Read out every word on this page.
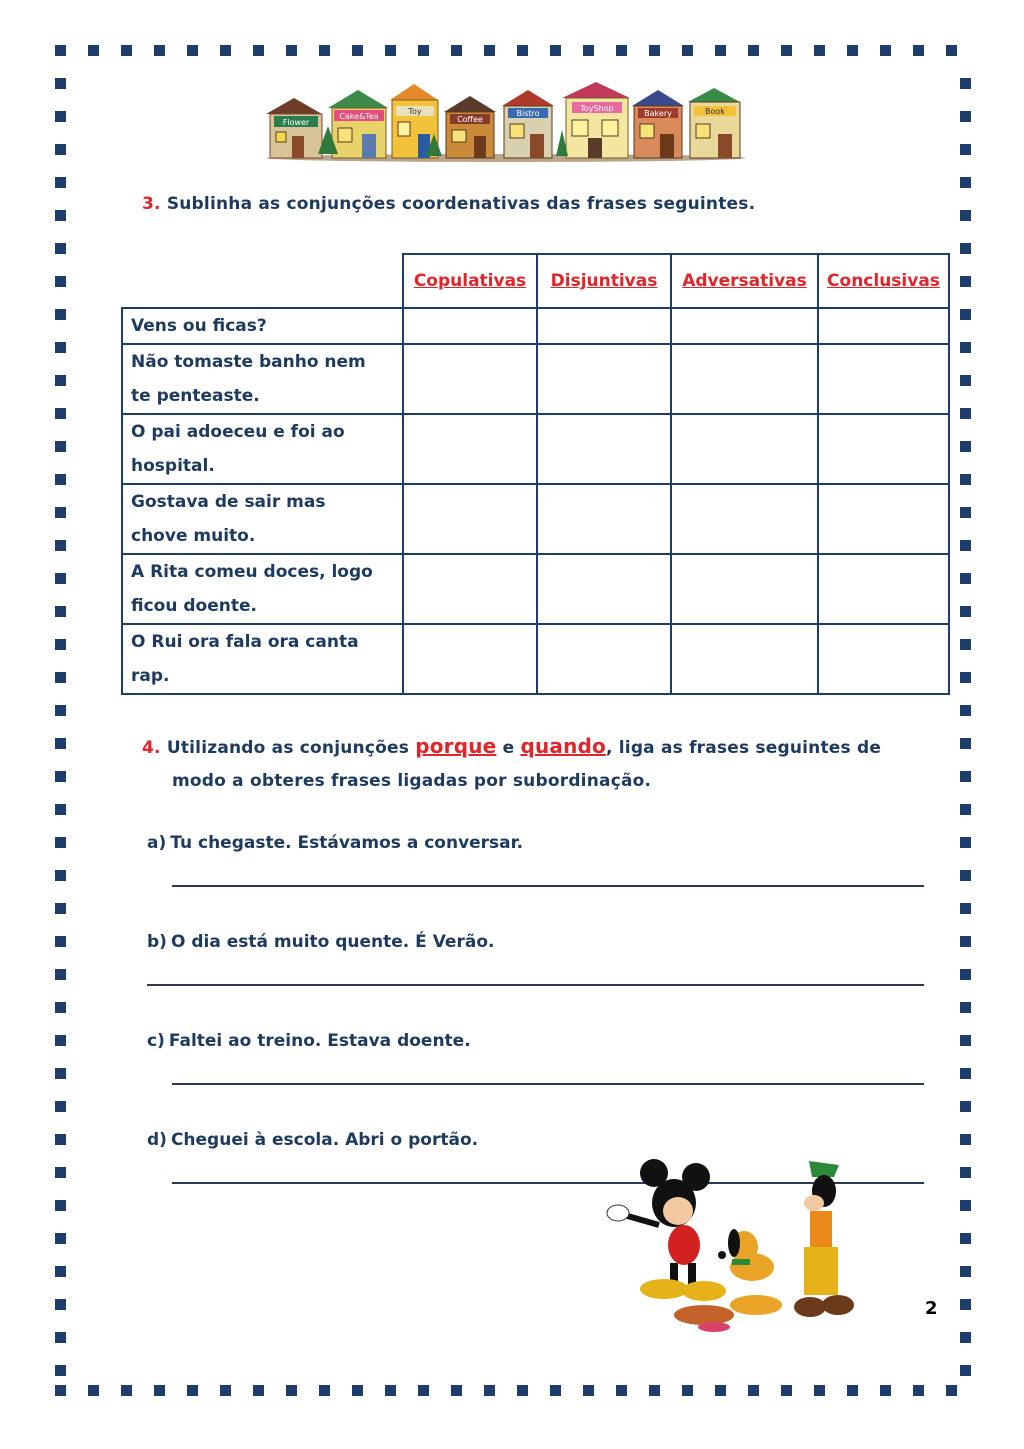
Flower
Cake&Tea
Toy
Coffee
Bistro
ToyShop
Bakery	Book
3. Sublinha as conjunções coordenativas das frases seguintes.
	Copulativas	Disjuntivas	Adversativas	Conclusivas

Vens ou ficas?				

Não tomaste banho nem
te penteaste.				

O pai adoeceu e foi ao
hospital.				

Gostava de sair mas
chove muito.				

A Rita comeu doces, logo
ficou doente.				

O Rui ora fala ora canta
rap.				

4. Utilizando as conjunções porque e quando, liga as frases seguintes de
modo a obteres frases ligadas por subordinação.
a) Tu chegaste. Estávamos a conversar.
b) O dia está muito quente. É Verão.
c) Faltei ao treino. Estava doente.
d) Cheguei à escola. Abri o portão.
2
